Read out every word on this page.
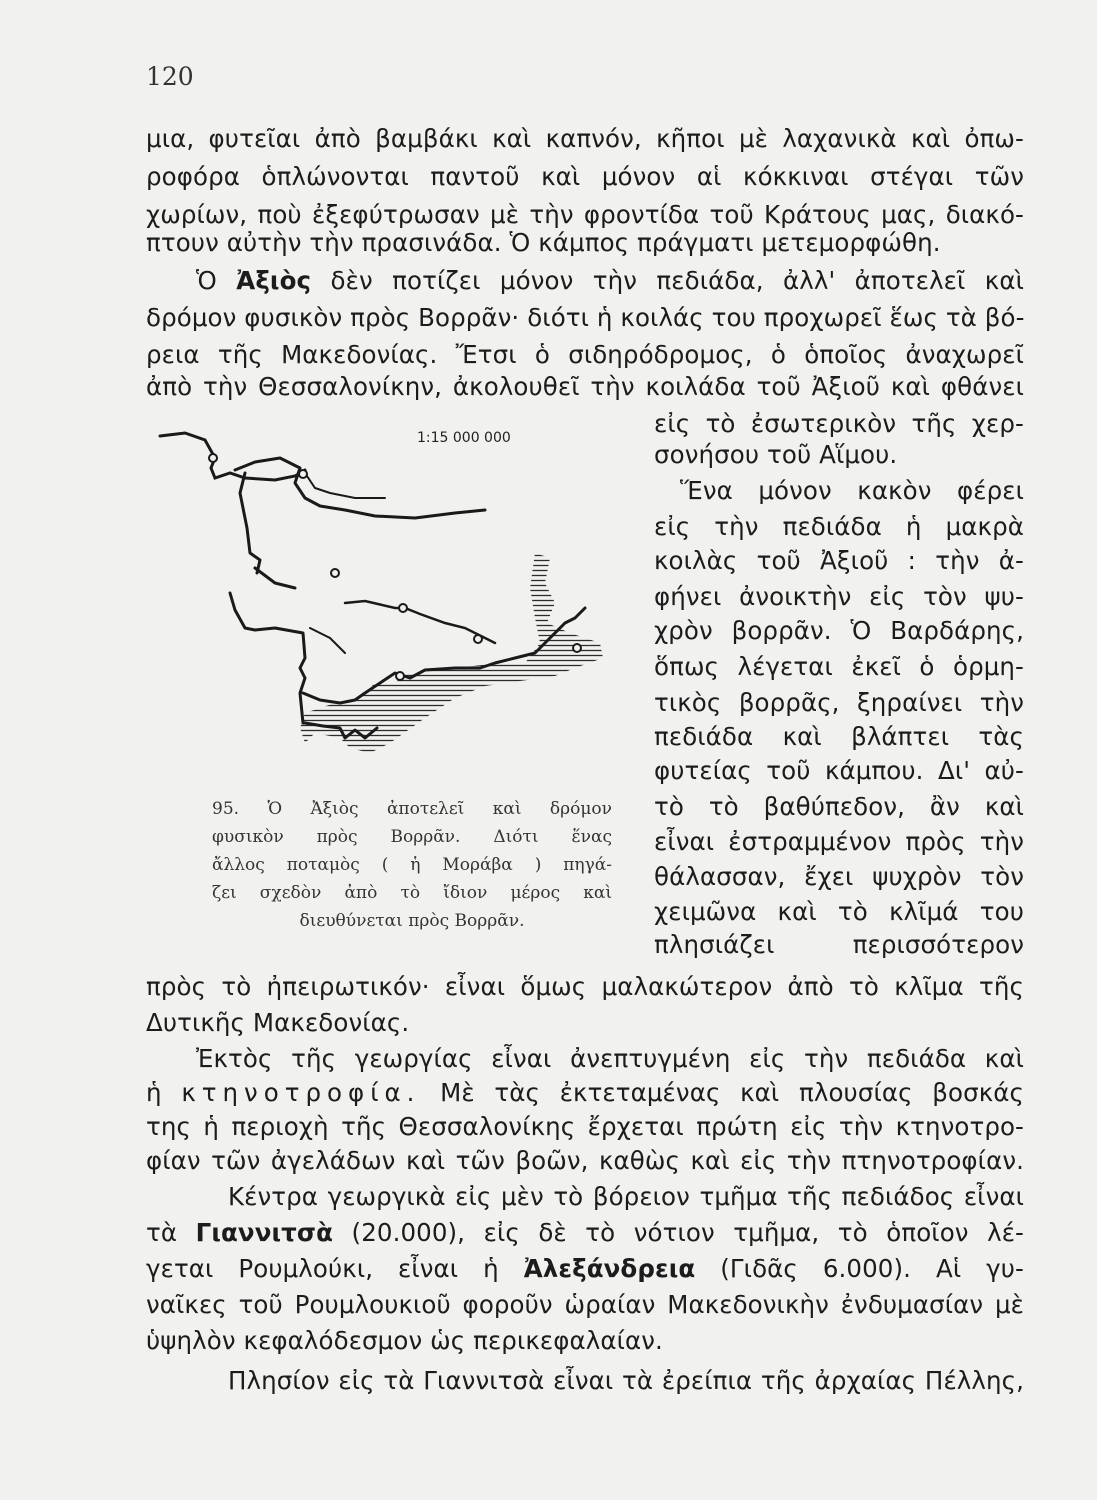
120
μια, φυτεῖαι ἀπὸ βαμβάκι καὶ καπνόν, κῆποι μὲ λαχανικὰ καὶ ὀπω-
ροφόρα ὁπλώνονται παντοῦ καὶ μόνον αἱ κόκκιναι στέγαι τῶν
χωρίων, ποὺ ἐξεφύτρωσαν μὲ τὴν φροντίδα τοῦ Κράτους μας, διακό-
πτουν αὐτὴν τὴν πρασινάδα. Ὁ κάμπος πράγματι μετεμορφώθη.
Ὁ Ἀξιὸς δὲν ποτίζει μόνον τὴν πεδιάδα, ἀλλ' ἀποτελεῖ καὶ
δρόμον φυσικὸν πρὸς Βορρᾶν· διότι ἡ κοιλάς του προχωρεῖ ἕως τὰ βό-
ρεια τῆς Μακεδονίας. Ἔτσι ὁ σιδηρόδρομος, ὁ ὁποῖος ἀναχωρεῖ
ἀπὸ τὴν Θεσσαλονίκην, ἀκολουθεῖ τὴν κοιλάδα τοῦ Ἀξιοῦ καὶ φθάνει
εἰς τὸ ἐσωτερικὸν τῆς χερ-
σονήσου τοῦ Αἵμου.
Ἕνα μόνον κακὸν φέρει
εἰς τὴν πεδιάδα ἡ μακρὰ
κοιλὰς τοῦ Ἀξιοῦ : τὴν ἀ-
φήνει ἀνοικτὴν εἰς τὸν ψυ-
χρὸν βορρᾶν. Ὁ Βαρδάρης,
ὅπως λέγεται ἐκεῖ ὁ ὁρμη-
τικὸς βορρᾶς, ξηραίνει τὴν
πεδιάδα καὶ βλάπτει τὰς
φυτείας τοῦ κάμπου. Δι' αὐ-
τὸ τὸ βαθύπεδον, ἂν καὶ
εἶναι ἐστραμμένον πρὸς τὴν
θάλασσαν, ἔχει ψυχρὸν τὸν
χειμῶνα καὶ τὸ κλῖμά του
πλησιάζει περισσότερον
1:15 000 000
95. Ὁ Ἀξιὸς ἀποτελεῖ καὶ δρόμον
φυσικὸν πρὸς Βορρᾶν. Διότι ἕνας
ἄλλος ποταμὸς ( ἡ Μοράβα ) πηγά-
ζει σχεδὸν ἀπὸ τὸ ἴδιον μέρος καὶ
διευθύνεται πρὸς Βορρᾶν.
πρὸς τὸ ἠπειρωτικόν· εἶναι ὅμως μαλακώτερον ἀπὸ τὸ κλῖμα τῆς
Δυτικῆς Μακεδονίας.
Ἐκτὸς τῆς γεωργίας εἶναι ἀνεπτυγμένη εἰς τὴν πεδιάδα καὶ
ἡ κτηνοτροφία. Μὲ τὰς ἐκτεταμένας καὶ πλουσίας βοσκάς
της ἡ περιοχὴ τῆς Θεσσαλονίκης ἔρχεται πρώτη εἰς τὴν κτηνοτρο-
φίαν τῶν ἀγελάδων καὶ τῶν βοῶν, καθὼς καὶ εἰς τὴν πτηνοτροφίαν.
Κέντρα γεωργικὰ εἰς μὲν τὸ βόρειον τμῆμα τῆς πεδιάδος εἶναι
τὰ Γιαννιτσὰ (20.000), εἰς δὲ τὸ νότιον τμῆμα, τὸ ὁποῖον λέ-
γεται Ρουμλούκι, εἶναι ἡ Ἀλεξάνδρεια (Γιδᾶς 6.000). Αἱ γυ-
ναῖκες τοῦ Ρουμλουκιοῦ φοροῦν ὡραίαν Μακεδονικὴν ἐνδυμασίαν μὲ
ὑψηλὸν κεφαλόδεσμον ὡς περικεφαλαίαν.
Πλησίον εἰς τὰ Γιαννιτσὰ εἶναι τὰ ἐρείπια τῆς ἀρχαίας Πέλλης,
